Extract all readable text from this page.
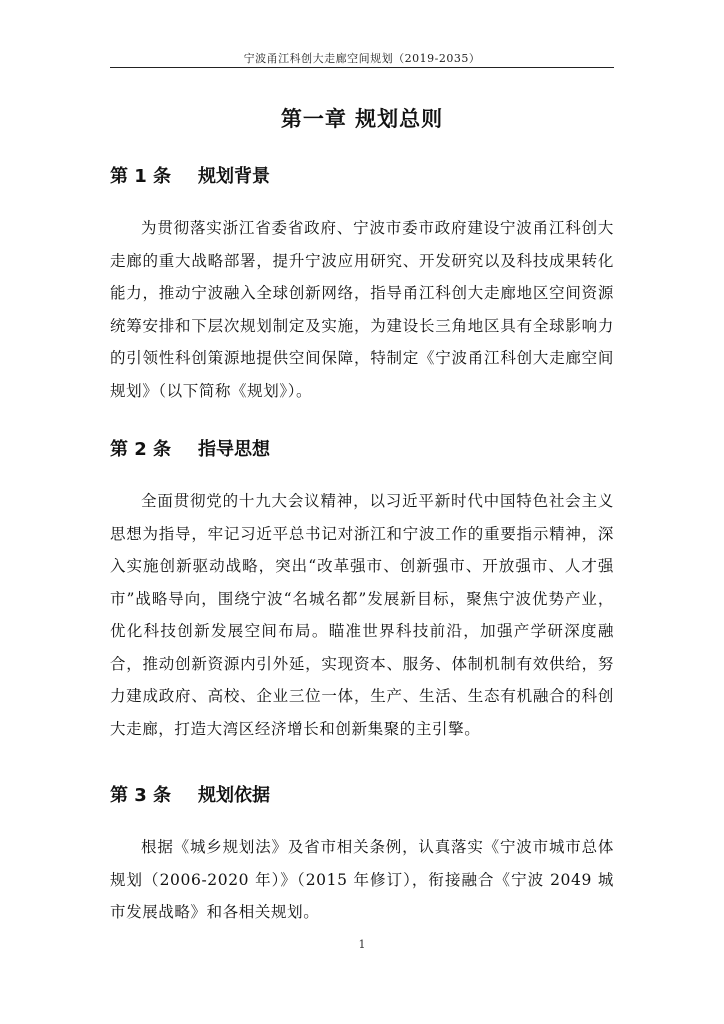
宁波甬江科创大走廊空间规划（2019-2035）
第一章 规划总则
第 1 条 规划背景
为贯彻落实浙江省委省政府、宁波市委市政府建设宁波甬江科创大走廊的重大战略部署，提升宁波应用研究、开发研究以及科技成果转化能力，推动宁波融入全球创新网络，指导甬江科创大走廊地区空间资源统筹安排和下层次规划制定及实施，为建设长三角地区具有全球影响力的引领性科创策源地提供空间保障，特制定《宁波甬江科创大走廊空间规划》（以下简称《规划》）。
第 2 条 指导思想
全面贯彻党的十九大会议精神，以习近平新时代中国特色社会主义思想为指导，牢记习近平总书记对浙江和宁波工作的重要指示精神，深入实施创新驱动战略，突出“改革强市、创新强市、开放强市、人才强市”战略导向，围绕宁波“名城名都”发展新目标，聚焦宁波优势产业，优化科技创新发展空间布局。瞄准世界科技前沿，加强产学研深度融合，推动创新资源内引外延，实现资本、服务、体制机制有效供给，努力建成政府、高校、企业三位一体，生产、生活、生态有机融合的科创大走廊，打造大湾区经济增长和创新集聚的主引擎。
第 3 条 规划依据
根据《城乡规划法》及省市相关条例，认真落实《宁波市城市总体规划（2006-2020 年）》（2015 年修订），衔接融合《宁波 2049 城市发展战略》和各相关规划。
1
